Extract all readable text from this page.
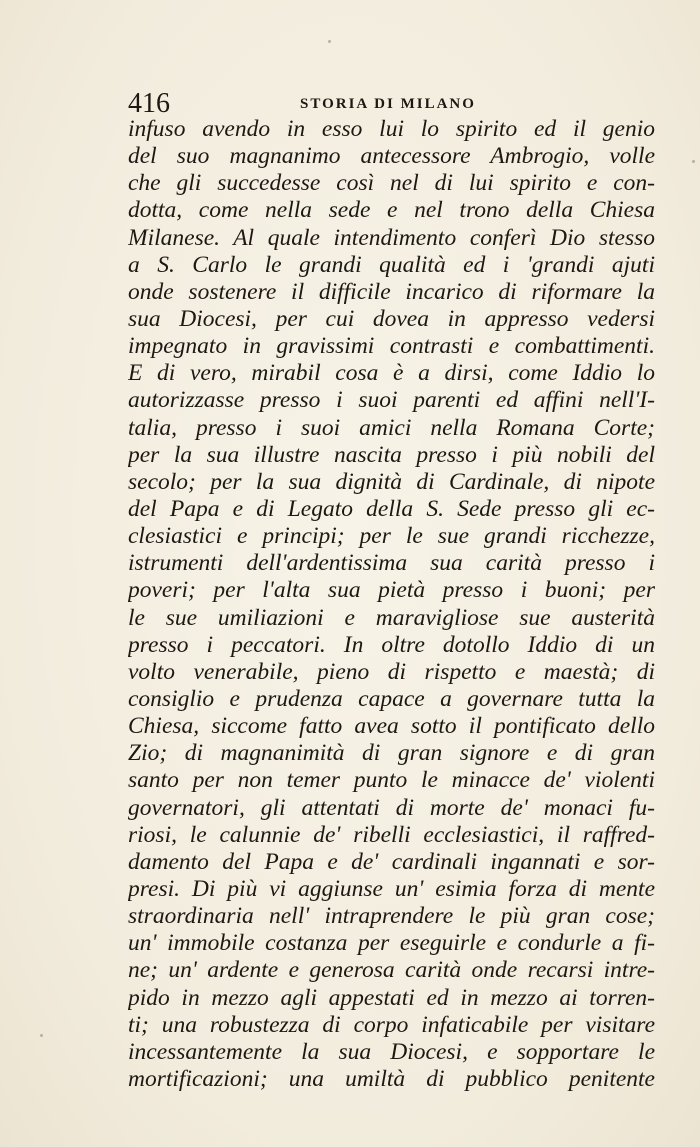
416	STORIA DI MILANO
infuso avendo in esso lui lo spirito ed il genio
del suo magnanimo antecessore Ambrogio, volle
che gli succedesse così nel di lui spirito e con-
dotta, come nella sede e nel trono della Chiesa
Milanese. Al quale intendimento conferì Dio stesso
a S. Carlo le grandi qualità ed i 'grandi ajuti
onde sostenere il difficile incarico di riformare la
sua Diocesi, per cui dovea in appresso vedersi
impegnato in gravissimi contrasti e combattimenti.
E di vero, mirabil cosa è a dirsi, come Iddio lo
autorizzasse presso i suoi parenti ed affini nell'I-
talia, presso i suoi amici nella Romana Corte;
per la sua illustre nascita presso i più nobili del
secolo; per la sua dignità di Cardinale, di nipote
del Papa e di Legato della S. Sede presso gli ec-
clesiastici e principi; per le sue grandi ricchezze,
istrumenti dell'ardentissima sua carità presso i
poveri; per l'alta sua pietà presso i buoni; per
le sue umiliazioni e maravigliose sue austerità
presso i peccatori. In oltre dotollo Iddio di un
volto venerabile, pieno di rispetto e maestà; di
consiglio e prudenza capace a governare tutta la
Chiesa, siccome fatto avea sotto il pontificato dello
Zio; di magnanimità di gran signore e di gran
santo per non temer punto le minacce de' violenti
governatori, gli attentati di morte de' monaci fu-
riosi, le calunnie de' ribelli ecclesiastici, il raffred-
damento del Papa e de' cardinali ingannati e sor-
presi. Di più vi aggiunse un' esimia forza di mente
straordinaria nell' intraprendere le più gran cose;
un' immobile costanza per eseguirle e condurle a fi-
ne; un' ardente e generosa carità onde recarsi intre-
pido in mezzo agli appestati ed in mezzo ai torren-
ti; una robustezza di corpo infaticabile per visitare
incessantemente la sua Diocesi, e sopportare le
mortificazioni; una umiltà di pubblico penitente
